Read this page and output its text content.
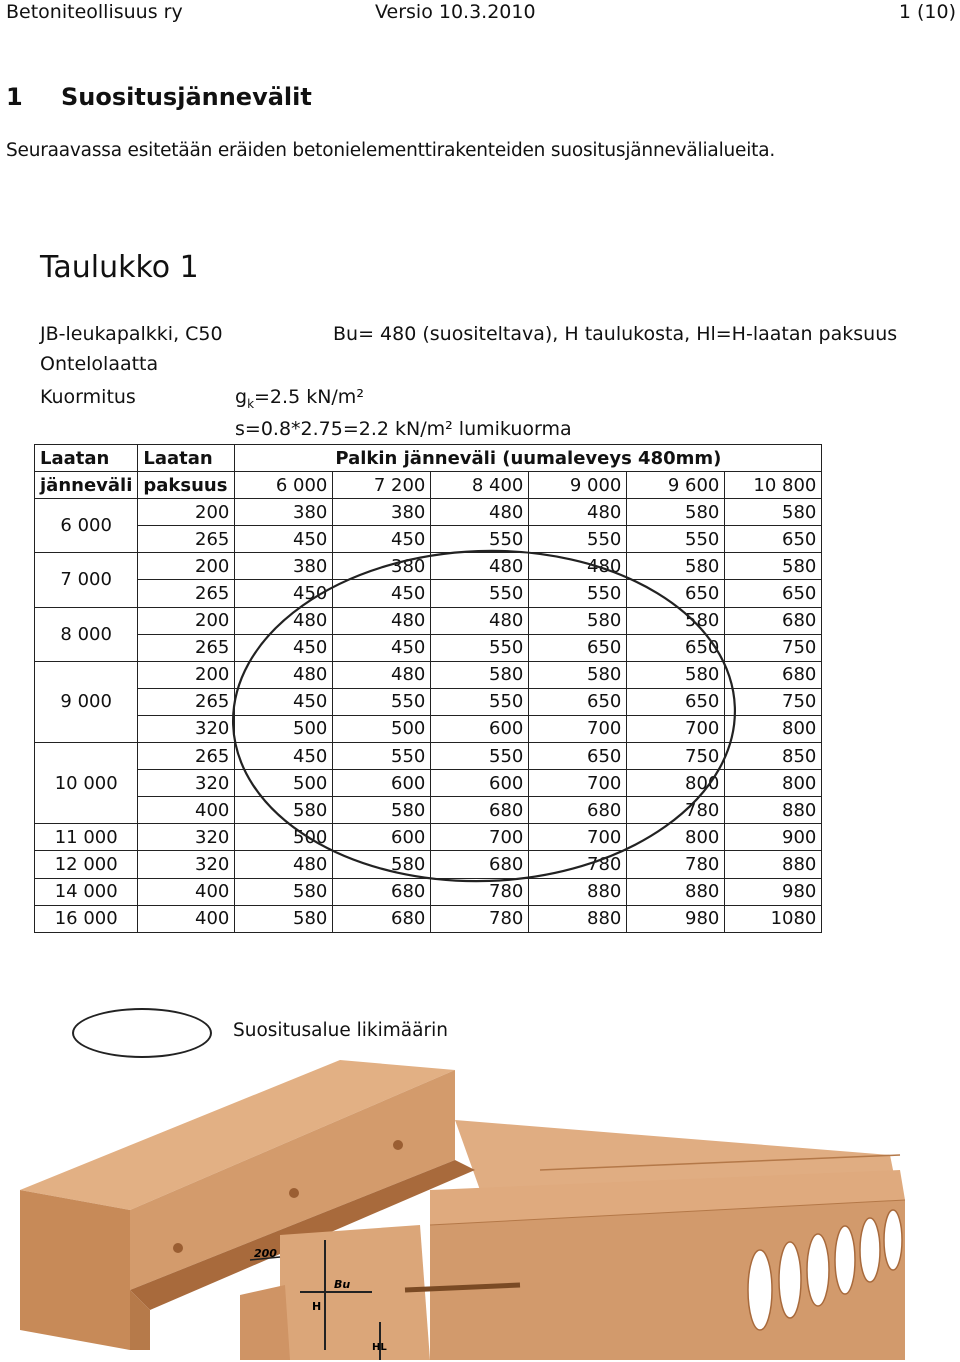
Betoniteollisuus ry	Versio 10.3.2010	1 (10)
1 Suositusjännevälit
Seuraavassa esitetään eräiden betonielementtirakenteiden suositusjännevälialueita.
Taulukko 1
JB-leukapalkki, C50	Bu= 480 (suositeltava), H taulukosta, Hl=H-laatan paksuus
Ontelolaatta
Kuormitus	$g_k=2.5$ kN/m²
s=0.8*2.75=2.2 kN/m² lumikuorma
Laatan	Laatan	Palkin jänneväli (uumaleveys 480mm)					
jänneväli	paksuus	6 000	7 200	8 400	9 000	9 600	10 800
6 000	200	380	380	480	480	580	580
	265	450	450	550	550	550	650
7 000	200	380	380	480	480	580	580
	265	450	450	550	550	650	650
8 000	200	480	480	480	580	580	680
	265	450	450	550	650	650	750
9 000	200	480	480	580	580	580	680
	265	450	550	550	650	650	750
	320	500	500	600	700	700	800
10 000	265	450	550	550	650	750	850
	320	500	600	600	700	800	800
	400	580	580	680	680	780	880
11 000	320	500	600	700	700	800	900
12 000	320	480	580	680	780	780	880
14 000	400	580	680	780	880	880	980
16 000	400	580	680	780	880	980	1080
Suositusalue likimäärin
200
Bu
H
HL
